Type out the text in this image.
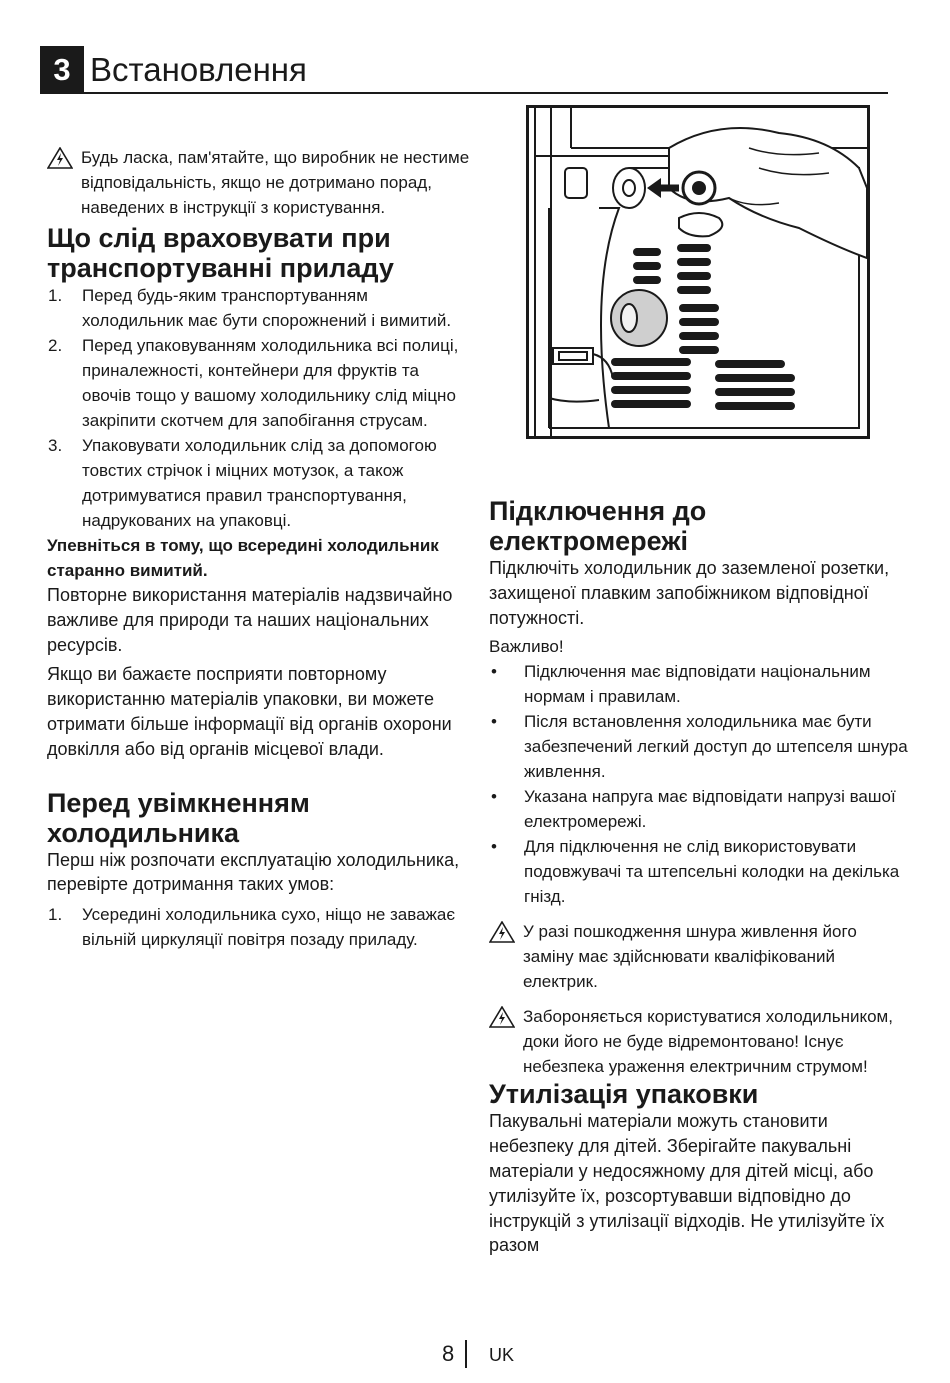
3 Встановлення

Будь ласка, пам'ятайте, що виробник не нестиме відповідальність, якщо не дотримано порад, наведених в інструкції з користування.

Що слід враховувати при транспортуванні приладу
1. Перед будь-яким транспортуванням холодильник має бути спорожнений і вимитий.
2. Перед упаковуванням холодильника всі полиці, приналежності, контейнери для фруктів та овочів тощо у вашому холодильнику слід міцно закріпити скотчем для запобігання струсам.
3. Упаковувати холодильник слід за допомогою товстих стрічок і міцних мотузок, а також дотримуватися правил транспортування, надрукованих на упаковці.

Упевніться в тому, що всередині холодильник старанно вимитий.

Повторне використання матеріалів надзвичайно важливе для природи та наших національних ресурсів.

Якщо ви бажаєте посприяти повторному використанню матеріалів упаковки, ви можете отримати більше інформації від органів охорони довкілля або від органів місцевої влади.

Перед увімкненням холодильника

Перш ніж розпочати експлуатацію холодильника, перевірте дотримання таких умов:

1. Усередині холодильника сухо, ніщо не заважає вільній циркуляції повітря позаду приладу.
Підключення до електромережі

Підключіть холодильник до заземленої розетки, захищеної плавким запобіжником відповідної потужності.

Важливо!

• Підключення має відповідати національним нормам і правилам.
• Після встановлення холодильника має бути забезпечений легкий доступ до штепселя шнура живлення.
• Указана напруга має відповідати напрузі вашої електромережі.
• Для підключення не слід використовувати подовжувачі та штепсельні колодки на декілька гнізд.

У разі пошкодження шнура живлення його заміну має здійснювати кваліфікований електрик.

Забороняється користуватися холодильником, доки його не буде відремонтовано! Існує небезпека ураження електричним струмом!

Утилізація упаковки

Пакувальні матеріали можуть становити небезпеку для дітей. Зберігайте пакувальні матеріали у недосяжному для дітей місці, або утилізуйте їх, розсортувавши відповідно до інструкцій з утилізації відходів. Не утилізуйте їх разом

8 UK
